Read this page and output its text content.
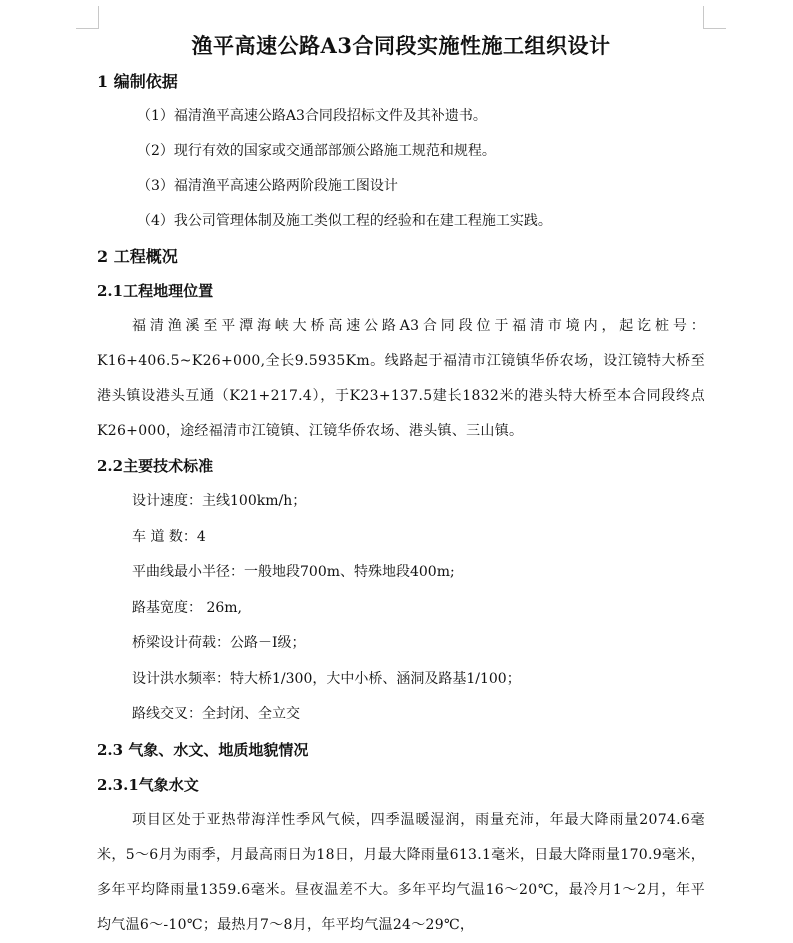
渔平高速公路A3合同段实施性施工组织设计
1 编制依据
（1）福清渔平高速公路A3合同段招标文件及其补遗书。
（2）现行有效的国家或交通部部颁公路施工规范和规程。
（3）福清渔平高速公路两阶段施工图设计
（4）我公司管理体制及施工类似工程的经验和在建工程施工实践。
2 工程概况
2.1工程地理位置

福清渔溪至平潭海峡大桥高速公路A3合同段位于福清市境内，起讫桩号：K16+406.5~K26+000,全长9.5935Km。线路起于福清市江镜镇华侨农场，设江镜特大桥至港头镇设港头互通（K21+217.4），于K23+137.5建长1832米的港头特大桥至本合同段终点K26+000，途经福清市江镜镇、江镜华侨农场、港头镇、三山镇。

2.2主要技术标准
设计速度：主线100km/h；
车 道 数：4
平曲线最小半径：一般地段700m、特殊地段400m;
路基宽度： 26m,
桥梁设计荷载：公路－Ⅰ级；
设计洪水频率：特大桥1/300，大中小桥、涵洞及路基1/100；
路线交叉：全封闭、全立交
2.3 气象、水文、地质地貌情况
2.3.1气象水文

项目区处于亚热带海洋性季风气候，四季温暖湿润，雨量充沛，年最大降雨量2074.6毫米，5～6月为雨季，月最高雨日为18日，月最大降雨量613.1毫米，日最大降雨量170.9毫米，多年平均降雨量1359.6毫米。昼夜温差不大。多年平均气温16～20℃，最冷月1～2月，年平均气温6～-10℃；最热月7～8月，年平均气温24～29℃，
